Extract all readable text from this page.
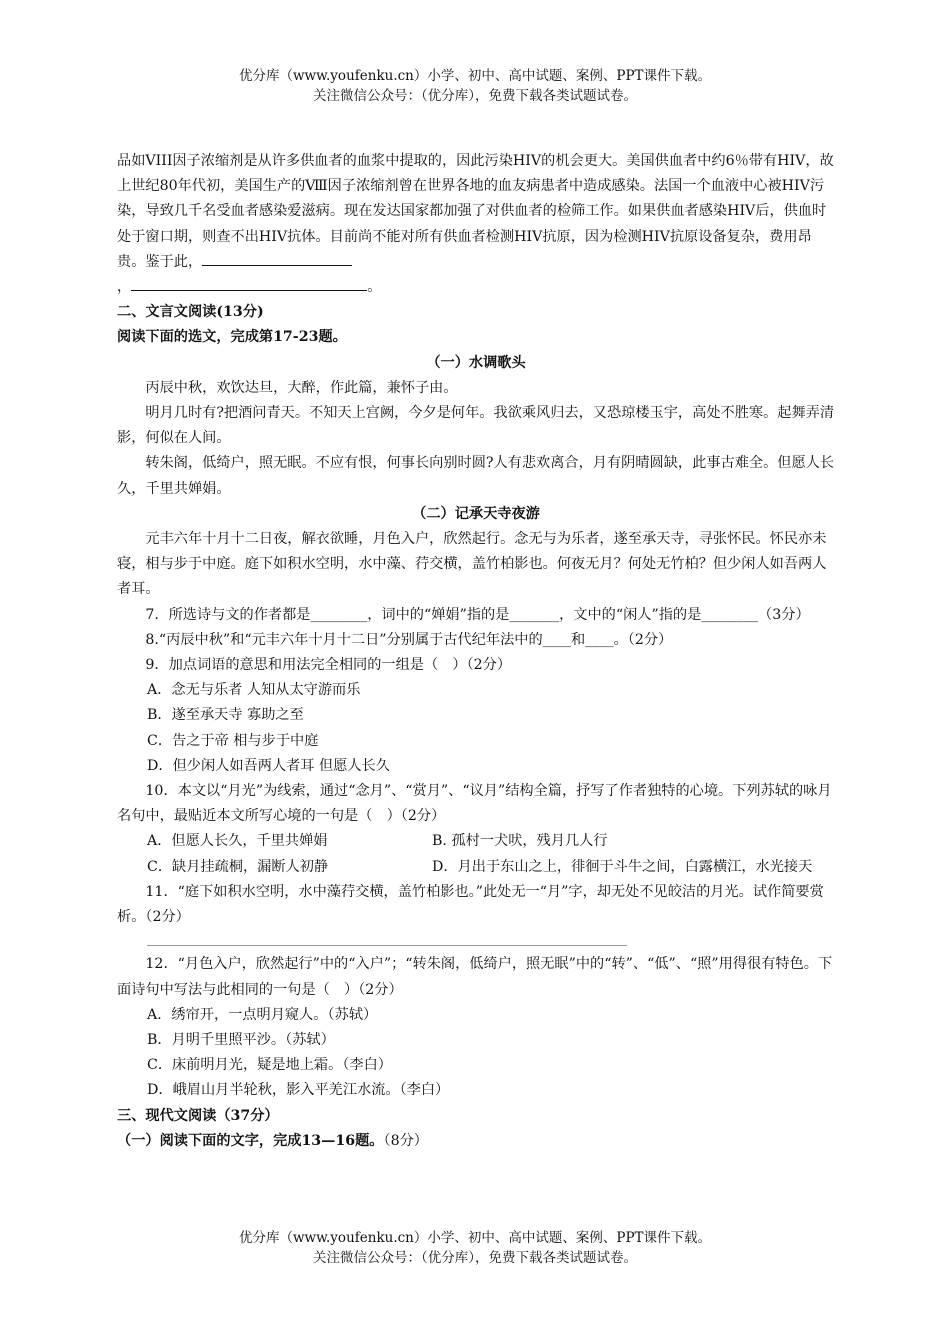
优分库（www.youfenku.cn）小学、初中、高中试题、案例、PPT课件下载。
关注微信公众号：（优分库），免费下载各类试题试卷。

品如VIII因子浓缩剂是从许多供血者的血浆中提取的，因此污染HIV的机会更大。美国供血者中约6％带有HIV，故上世纪80年代初，美国生产的Ⅷ因子浓缩剂曾在世界各地的血友病患者中造成感染。法国一个血液中心被HIV污染，导致几千名受血者感染爱滋病。现在发达国家都加强了对供血者的检筛工作。如果供血者感染HIV后，供血时处于窗口期，则查不出HIV抗体。目前尚不能对所有供血者检测HIV抗原，因为检测HIV抗原设备复杂，费用昂贵。鉴于此，

，	。

二、文言文阅读(13分)

阅读下面的选文，完成第17-23题。

（一）水调歌头

丙辰中秋，欢饮达旦，大醉，作此篇，兼怀子由。

明月几时有?把酒问青天。不知天上宫阙，今夕是何年。我欲乘风归去，又恐琼楼玉宇，高处不胜寒。起舞弄清影，何似在人间。

转朱阁，低绮户，照无眠。不应有恨，何事长向别时圆?人有悲欢离合，月有阴晴圆缺，此事古难全。但愿人长久，千里共婵娟。

（二）记承天寺夜游

元丰六年十月十二日夜，解衣欲睡，月色入户，欣然起行。念无与为乐者，遂至承天寺，寻张怀民。怀民亦未寝，相与步于中庭。庭下如积水空明，水中藻、荇交横，盖竹柏影也。何夜无月？何处无竹柏？但少闲人如吾两人者耳。

7．所选诗与文的作者都是________，词中的“婵娟”指的是_______，文中的“闲人”指的是________（3分）

8.“丙辰中秋”和“元丰六年十月十二日”分别属于古代纪年法中的____和____。（2分）

9．加点词语的意思和用法完全相同的一组是（　）（2分）

A．念无与乐者 人知从太守游而乐

B．遂至承天寺 寡助之至

C．告之于帝 相与步于中庭

D．但少闲人如吾两人者耳 但愿人长久

10．本文以“月光”为线索，通过“念月”、“赏月”、“议月”结构全篇，抒写了作者独特的心境。下列苏轼的咏月名句中，最贴近本文所写心境的一句是（　）（2分）

A．但愿人长久，千里共婵娟	B. 孤村一犬吠，残月几人行

C．缺月挂疏桐，漏断人初静	D．月出于东山之上，徘徊于斗牛之间，白露横江，水光接天

11．“庭下如积水空明，水中藻荇交横，盖竹柏影也。”此处无一“月”字，却无处不见皎洁的月光。试作简要赏析。（2分）

12．“月色入户，欣然起行”中的“入户”；“转朱阁，低绮户，照无眠”中的“转”、“低”、“照”用得很有特色。下面诗句中写法与此相同的一句是（　）（2分）

A．绣帘开，一点明月窥人。（苏轼）

B．月明千里照平沙。（苏轼）

C．床前明月光，疑是地上霜。（李白）

D．峨眉山月半轮秋，影入平羌江水流。（李白）

三、现代文阅读（37分）

（一）阅读下面的文字，完成13—16题。（8分）

优分库（www.youfenku.cn）小学、初中、高中试题、案例、PPT课件下载。
关注微信公众号：（优分库），免费下载各类试题试卷。
